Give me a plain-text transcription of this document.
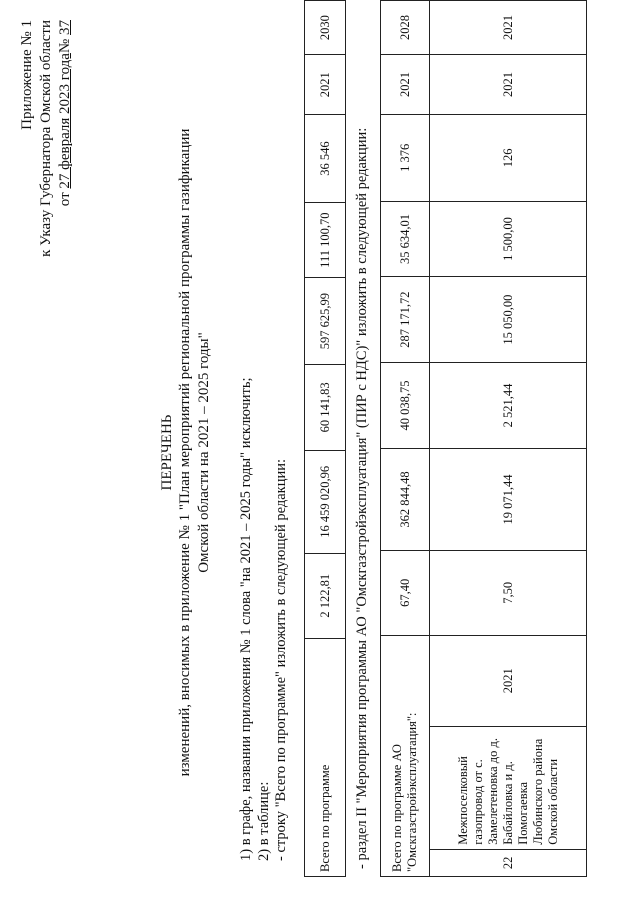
Приложение № 1 к Указу Губернатора Омской области от 27 февраля 2023 года№ 37
ПЕРЕЧЕНЬ изменений, вносимых в приложение № 1 "План мероприятий региональной программы газификации Омской области на 2021 – 2025 годы" 1) в графе, названии приложения № 1 слова "на 2021 – 2025 годы" исключить; 2) в таблице: - строку "Всего по программе" изложить в следующей редакции: Всего по программе	2 122,81	16 459 020,96	60 141,83	597 625,99	111 100,70	36 546	2021	2030
- раздел II "Мероприятия программы АО "Омскгазстройэксплуатация" (ПИР с НДС)" изложить в следующей редакции: Всего по программе АО "Омскгазстройэксплуатация":			67,40	362 844,48	40 038,75	287 171,72	35 634,01	1 376	2021	2028
22	Межпоселковый газопровод от с. Замелетеновка до д. Бабайловка и д. Помогаевка Любинского района Омской области	2021	7,50	19 071,44	2 521,44	15 050,00	1 500,00	126	2021	2021
